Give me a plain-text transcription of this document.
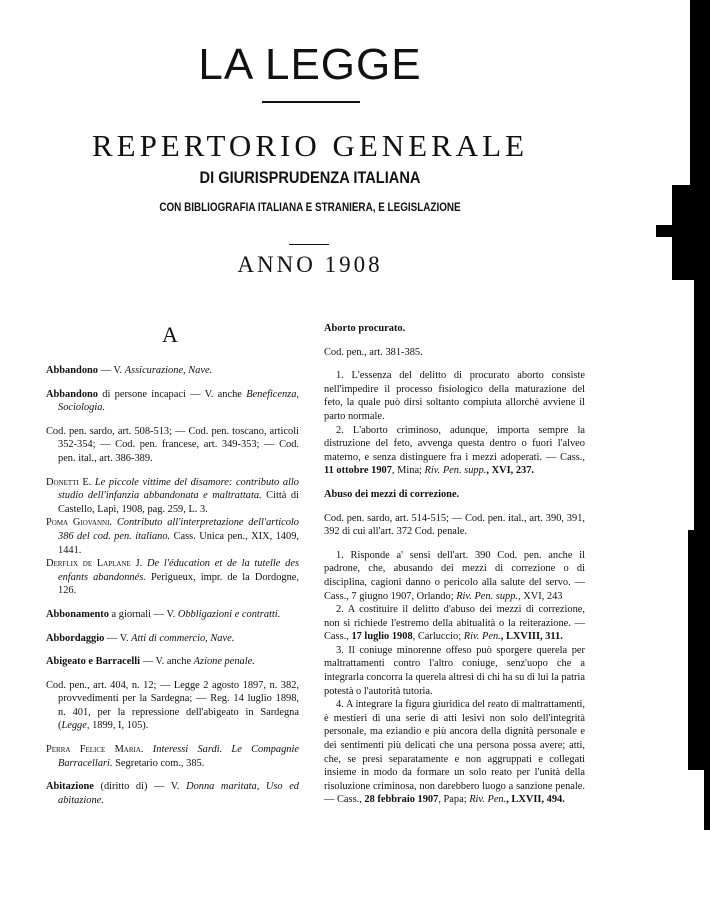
LA LEGGE
REPERTORIO GENERALE
DI GIURISPRUDENZA ITALIANA
CON BIBLIOGRAFIA ITALIANA E STRANIERA, E LEGISLAZIONE
ANNO 1908
A

Abbandono — V. Assicurazione, Nave.

Abbandono di persone incapaci — V. anche Beneficenza, Sociologia.

Cod. pen. sardo, art. 508-513; — Cod. pen. toscano, articoli 352-354; — Cod. pen. francese, art. 349-353; — Cod. pen. ital., art. 386-389.

Donetti E. Le piccole vittime del disamore: contributo allo studio dell'infanzia abbandonata e maltrattata. Città di Castello, Lapi, 1908, pag. 259, L. 3.

Poma Giovanni. Contributo all'interpretazione dell'articolo 386 del cod. pen. italiano. Cass. Unica pen., XIX, 1409, 1441.

Derflix de Laplane J. De l'éducation et de la tutelle des enfants abandonnés. Perigueux, impr. de la Dordogne, 126.

Abbonamento a giornali — V. Obbligazioni e contratti.

Abbordaggio — V. Atti di commercio, Nave.

Abigeato e Barracelli — V. anche Azione penale.

Cod. pen., art. 404, n. 12; — Legge 2 agosto 1897, n. 382, provvedimenti per la Sardegna; — Reg. 14 luglio 1898, n. 401, per la repressione dell'abigeato in Sardegna (Legge, 1899, I, 105).

Perra Felice Maria. Interessi Sardi. Le Compagnie Barracellari. Segretario com., 385.

Abitazione (diritto di) — V. Donna maritata, Uso ed abitazione.

Aborto procurato.

Cod. pen., art. 381-385.

1. L'essenza del delitto di procurato aborto consiste nell'impedire il processo fisiologico della maturazione del feto, la quale può dirsi soltanto compiuta allorchè avviene il parto normale.

2. L'aborto criminoso, adunque, importa sempre la distruzione del feto, avvenga questa dentro o fuori l'alveo materno, e senza distinguere fra i mezzi adoperati. — Cass., 11 ottobre 1907, Mina; Riv. Pen. supp., XVI, 237.

Abuso dei mezzi di correzione.

Cod. pen. sardo, art. 514-515; — Cod. pen. ital., art. 390, 391, 392 di cui all'art. 372 Cod. penale.

1. Risponde a' sensi dell'art. 390 Cod. pen. anche il padrone, che, abusando dei mezzi di correzione o di disciplina, cagioni danno o pericolo alla salute del servo. — Cass., 7 giugno 1907, Orlando; Riv. Pen. supp., XVI, 243

2. A costituire il delitto d'abuso dei mezzi di correzione, non si richiede l'estremo della abitualità o la reiterazione. — Cass., 17 luglio 1908, Carluccio; Riv. Pen., LXVIII, 311.

3. Il coniuge minorenne offeso può sporgere querela per maltrattamenti contro l'altro coniuge, senz'uopo che a integrarla concorra la querela altresì di chi ha su di lui la patria potestà o l'autorità tutoria.

4. A integrare la figura giuridica del reato di maltrattamenti, è mestieri di una serie di atti lesivi non solo dell'integrità personale, ma eziandio e più ancora della dignità personale e dei sentimenti più delicati che una persona possa avere; atti, che, se presi separatamente e non aggruppati e collegati insieme in modo da formare un solo reato per l'unità della risoluzione criminosa, non darebbero luogo a sanzione penale. — Cass., 28 febbraio 1907, Papa; Riv. Pen., LXVII, 494.
